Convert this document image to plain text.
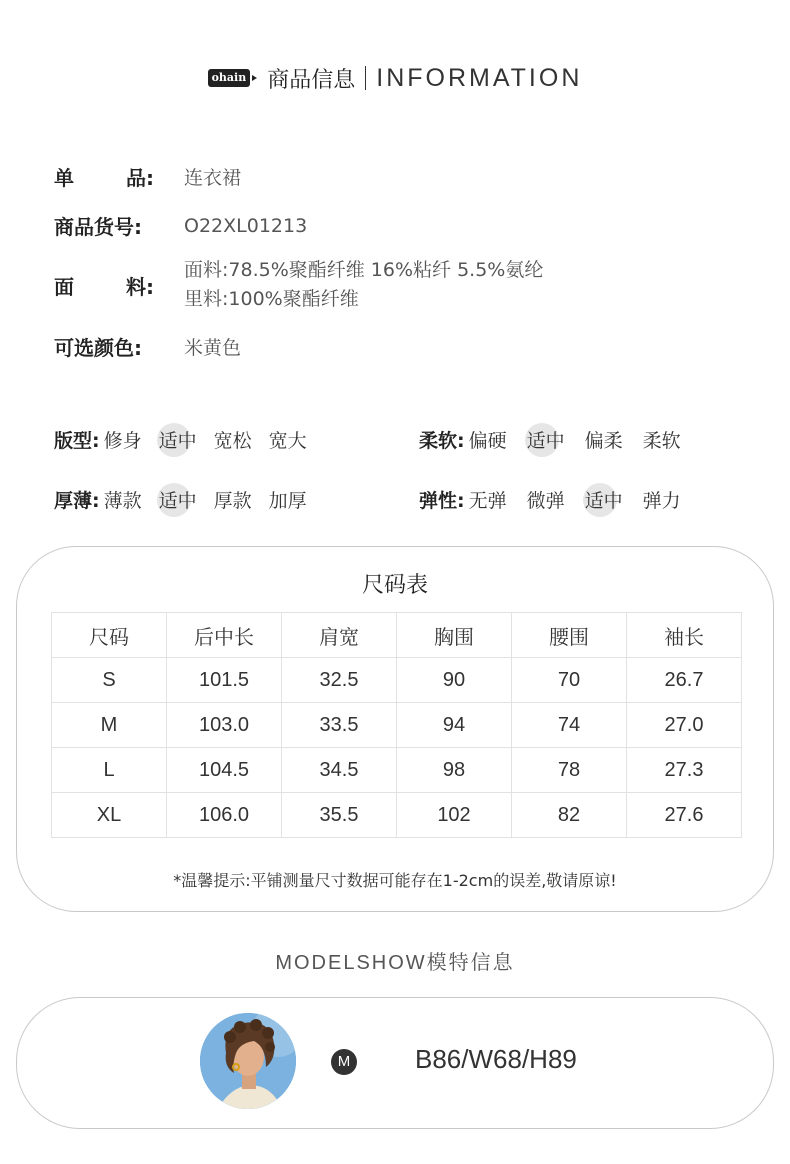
ohain 商品信息 INFORMATION
单	品: 连衣裙
商品货号:	O22XL01213
面	料:
面料:78.5%聚酯纤维 16%粘纤 5.5%氨纶
里料:100%聚酯纤维
可选颜色:	米黄色
版型: 修身 适中 宽松 宽大	柔软: 偏硬 适中 偏柔 柔软
厚薄: 薄款 适中 厚款 加厚	弹性: 无弹 微弹 适中 弹力
尺码表
尺码	后中长	肩宽	胸围	腰围	袖长
S	101.5	32.5	90	70	26.7
M	103.0	33.5	94	74	27.0
L	104.5	34.5	98	78	27.3
XL	106.0	35.5	102	82	27.6
*温馨提示:平铺测量尺寸数据可能存在1-2cm的误差,敬请原谅!
MODELSHOW模特信息
M B86/W68/H89
